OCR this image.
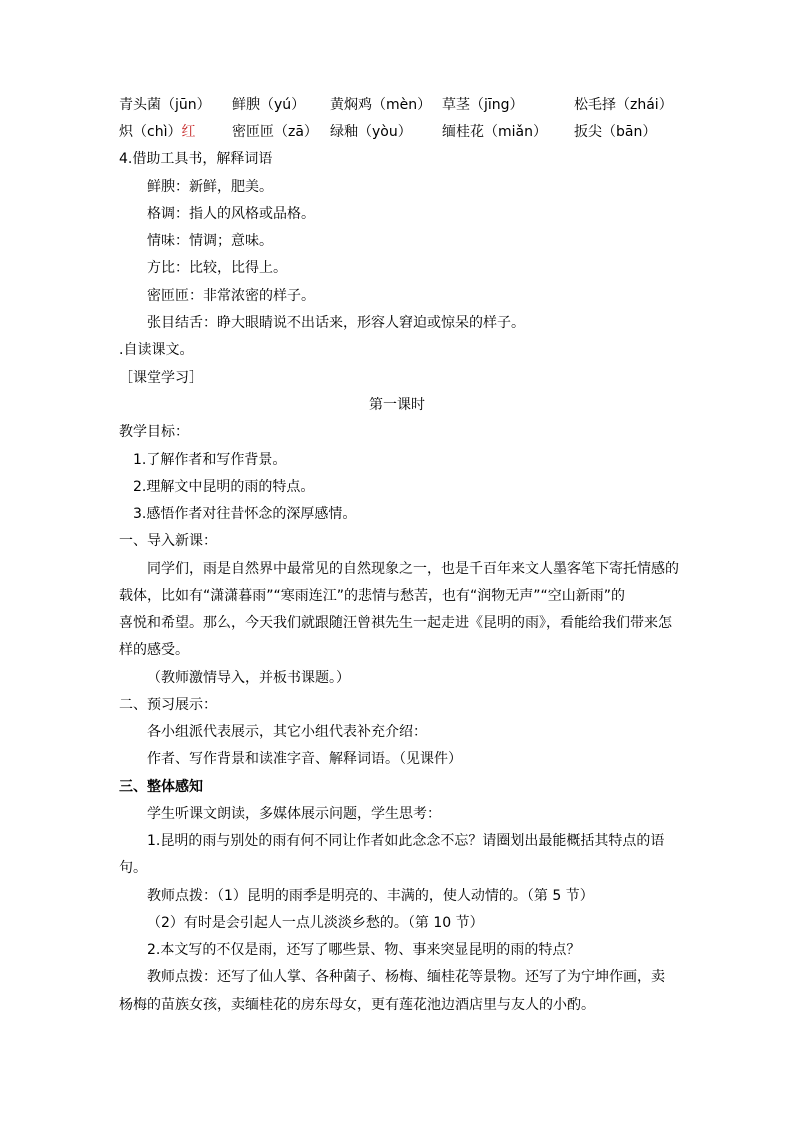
青头菌（jūn） 鲜腴（yú） 黄焖鸡（mèn） 草茎（jīng）	松毛择（zhái）
炽（chì）红	密匝匝（zā） 绿釉（yòu） 缅桂花（miǎn） 扳尖（bān）
4.借助工具书，解释词语
鲜腴：新鲜，肥美。
格调：指人的风格或品格。
情味：情调；意味。
方比：比较，比得上。
密匝匝：非常浓密的样子。
张目结舌：睁大眼睛说不出话来，形容人窘迫或惊呆的样子。
.自读课文。
［课堂学习］
第一课时
教学目标：
1.了解作者和写作背景。
2.理解文中昆明的雨的特点。
3.感悟作者对往昔怀念的深厚感情。
一、导入新课：
同学们，雨是自然界中最常见的自然现象之一，也是千百年来文人墨客笔下寄托情感的
载体，比如有“潇潇暮雨”“寒雨连江”的悲情与愁苦，也有“润物无声”“空山新雨”的
喜悦和希望。那么，今天我们就跟随汪曾祺先生一起走进《昆明的雨》，看能给我们带来怎
样的感受。
（教师激情导入，并板书课题。）
二、预习展示：
各小组派代表展示，其它小组代表补充介绍：
作者、写作背景和读准字音、解释词语。（见课件）
三、整体感知
学生听课文朗读，多媒体展示问题，学生思考：
1.昆明的雨与别处的雨有何不同让作者如此念念不忘？请圈划出最能概括其特点的语
句。
教师点拨：（1）昆明的雨季是明亮的、丰满的，使人动情的。（第 5 节）
（2）有时是会引起人一点儿淡淡乡愁的。（第 10 节）
2.本文写的不仅是雨，还写了哪些景、物、事来突显昆明的雨的特点？
教师点拨：还写了仙人掌、各种菌子、杨梅、缅桂花等景物。还写了为宁坤作画，卖
杨梅的苗族女孩，卖缅桂花的房东母女，更有莲花池边酒店里与友人的小酌。
